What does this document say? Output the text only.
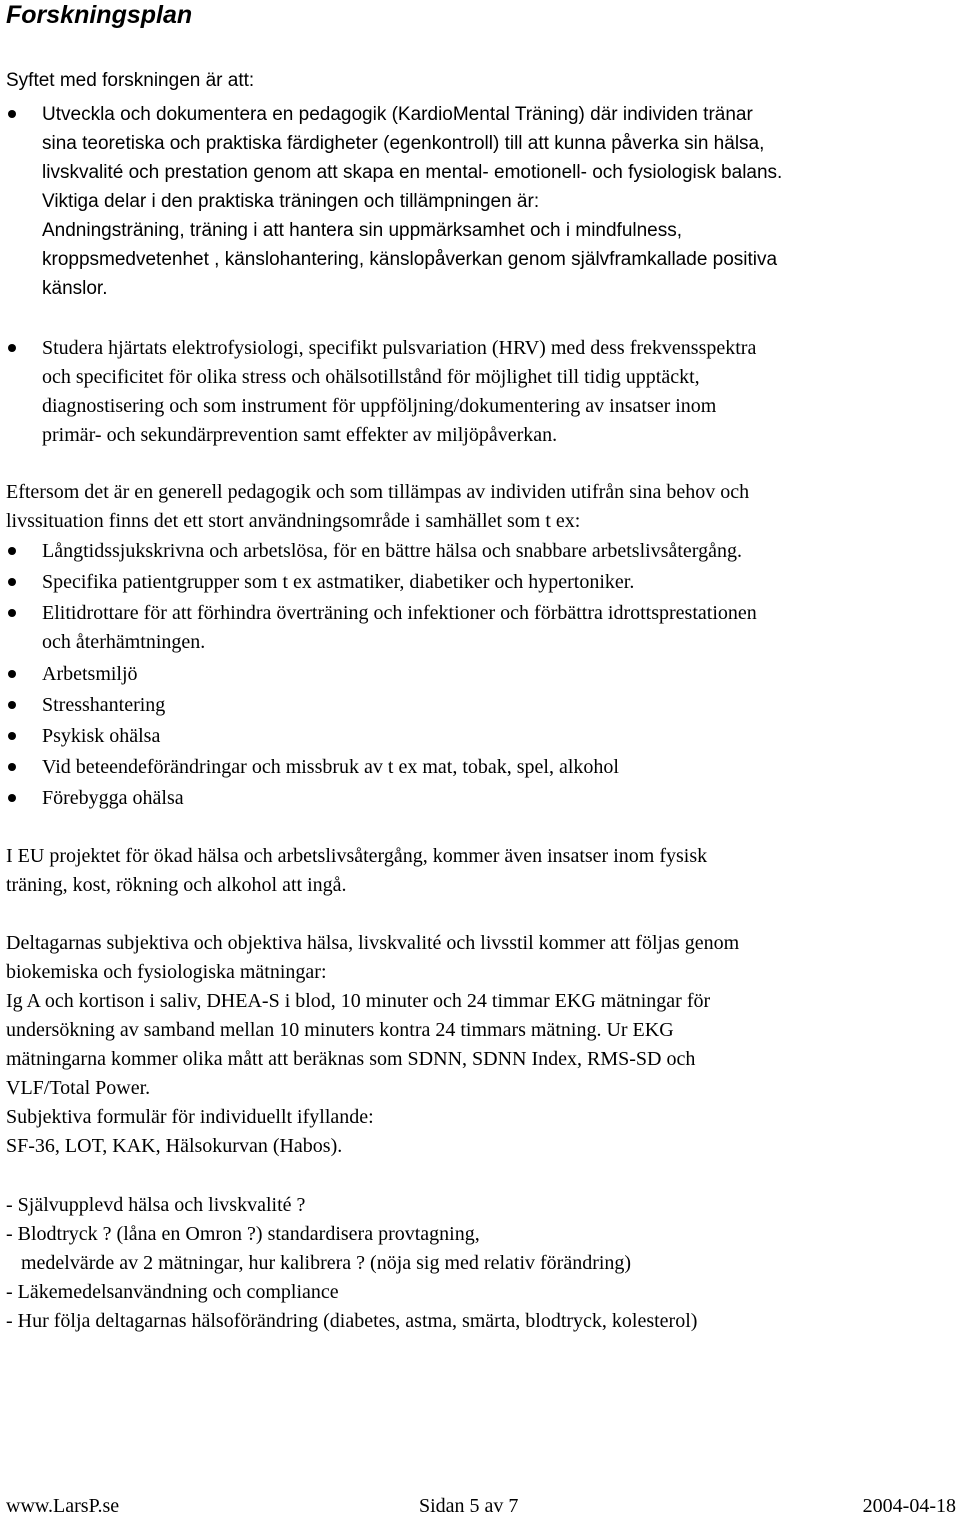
Forskningsplan
Syftet med forskningen är att:
Utveckla och dokumentera en pedagogik (KardioMental Träning) där individen tränar
sina teoretiska och praktiska färdigheter (egenkontroll) till att kunna påverka sin hälsa,
livskvalité och prestation genom att skapa en mental- emotionell- och fysiologisk balans.
Viktiga delar i den praktiska träningen och tillämpningen är:
Andningsträning, träning i att hantera sin uppmärksamhet och i mindfulness,
kroppsmedvetenhet , känslohantering, känslopåverkan genom självframkallade positiva
känslor.
Studera hjärtats elektrofysiologi, specifikt pulsvariation (HRV) med dess frekvensspektra
och specificitet för olika stress och ohälsotillstånd för möjlighet till tidig upptäckt,
diagnostisering och som instrument för uppföljning/dokumentering av insatser inom
primär- och sekundärprevention samt effekter av miljöpåverkan.
Eftersom det är en generell pedagogik och som tillämpas av individen utifrån sina behov och
livssituation finns det ett stort användningsområde i samhället som t ex:
Långtidssjukskrivna och arbetslösa, för en bättre hälsa och snabbare arbetslivsåtergång.
Specifika patientgrupper som t ex astmatiker, diabetiker och hypertoniker.
Elitidrottare för att förhindra överträning och infektioner och förbättra idrottsprestationen
och återhämtningen.
Arbetsmiljö
Stresshantering
Psykisk ohälsa
Vid beteendeförändringar och missbruk av t ex mat, tobak, spel, alkohol
Förebygga ohälsa
I EU projektet för ökad hälsa och arbetslivsåtergång, kommer även insatser inom fysisk
träning, kost, rökning och alkohol att ingå.
Deltagarnas subjektiva och objektiva hälsa, livskvalité och livsstil kommer att följas genom
biokemiska och fysiologiska mätningar:
Ig A och kortison i saliv, DHEA-S i blod, 10 minuter och 24 timmar EKG mätningar för
undersökning av samband mellan 10 minuters kontra 24 timmars mätning. Ur EKG
mätningarna kommer olika mått att beräknas som SDNN, SDNN Index, RMS-SD och
VLF/Total Power.
Subjektiva formulär för individuellt ifyllande:
SF-36, LOT, KAK, Hälsokurvan (Habos).
- Självupplevd hälsa och livskvalité ?
- Blodtryck ? (låna en Omron ?) standardisera provtagning,
medelvärde av 2 mätningar, hur kalibrera ? (nöja sig med relativ förändring)
- Läkemedelsanvändning och compliance
- Hur följa deltagarnas hälsoförändring (diabetes, astma, smärta, blodtryck, kolesterol)
www.LarsP.se	Sidan 5 av 7	2004-04-18
